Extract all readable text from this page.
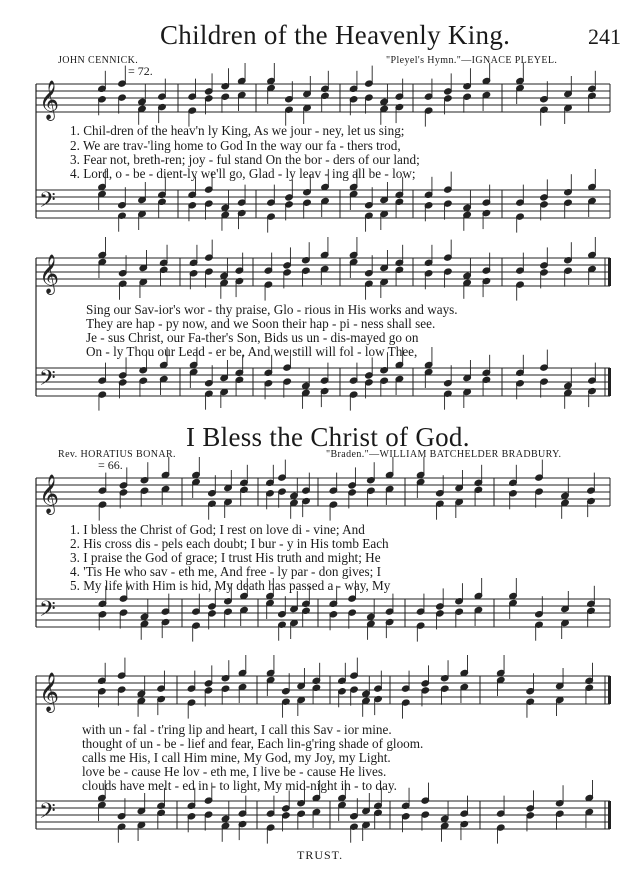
241
Children of the Heavenly King.
JOHN CENNICK.	"Pleyel's Hymn."—IGNACE PLEYEL.
= 72.
1. Chil-dren of the heav'n ly King, As we jour - ney, let us sing;
2. We are trav-'ling home to God In the way our fa - thers trod,
3. Fear not, breth-ren; joy - ful stand On the bor - ders of our land;
4. Lord, o - be - dient-ly we'll go, Glad - ly leav - ing all be - low;
Sing our Sav-ior's wor - thy praise, Glo - rious in His works and ways.
They are hap - py now, and we Soon their hap - pi - ness shall see.
Je - sus Christ, our Fa-ther's Son, Bids us un - dis-mayed go on
On - ly Thou our Lead - er be, And we still will fol - low Thee,
I Bless the Christ of God.
Rev. HORATIUS BONAR.	"Braden."—WILLIAM BATCHELDER BRADBURY.
= 66.
1. I bless the Christ of God; I rest on love di - vine; And
2. His cross dis - pels each doubt; I bur - y in His tomb Each
3. I praise the God of grace; I trust His truth and might; He
4. 'Tis He who sav - eth me, And free - ly par - don gives; I
5. My life with Him is hid, My death has passed a - way, My
with un - fal - t'ring lip and heart, I call this Sav - ior mine.
thought of un - be - lief and fear, Each lin-g'ring shade of gloom.
calls me His, I call Him mine, My God, my Joy, my Light.
love be - cause He lov - eth me, I live be - cause He lives.
clouds have melt - ed in - to light, My mid-night in - to day.
TRUST.
𝄞
𝄢
𝄞
𝄢
𝄞
𝄢
𝄞
𝄢
